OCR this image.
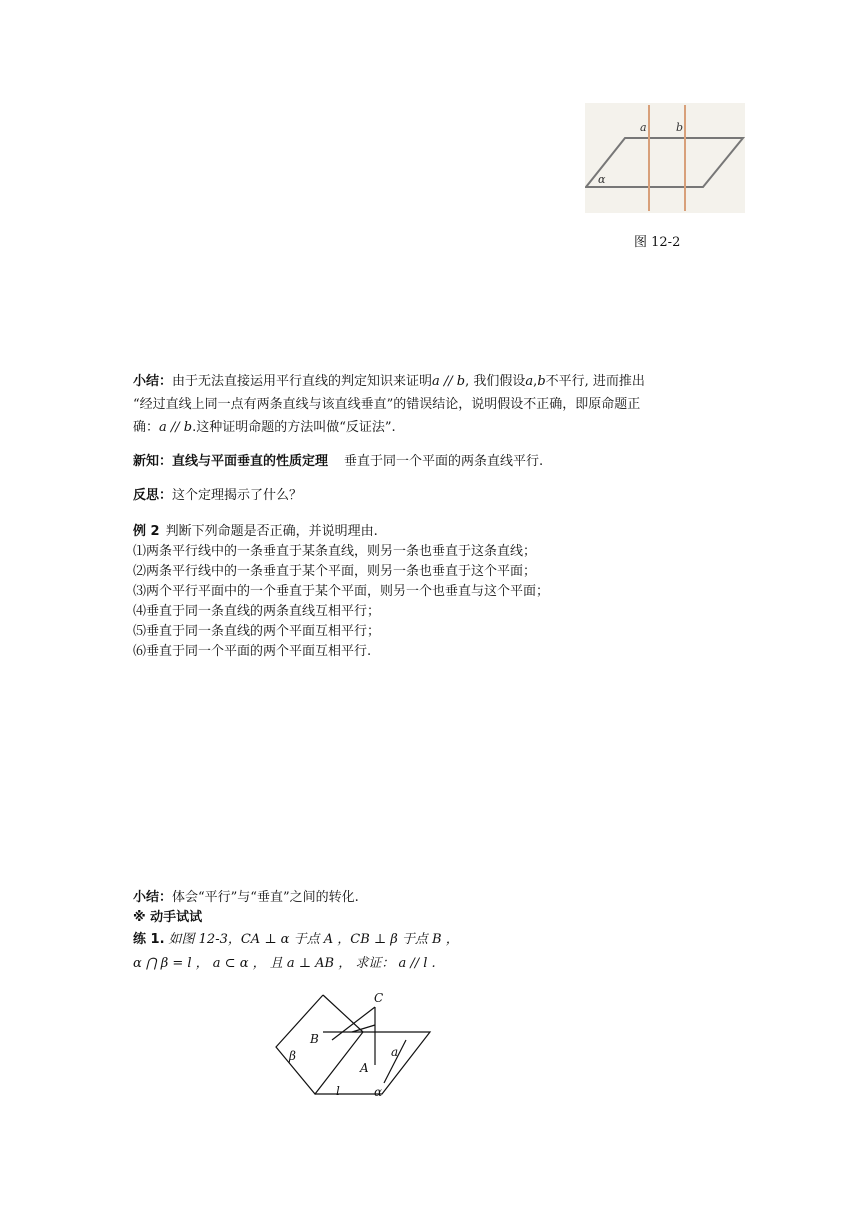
a	b
α
图 12-2
小结：由于无法直接运用平行直线的判定知识来证明a // b, 我们假设a,b不平行, 进而推出
“经过直线上同一点有两条直线与该直线垂直”的错误结论，说明假设不正确，即原命题正
确：a // b.这种证明命题的方法叫做“反证法”.
新知：直线与平面垂直的性质定理 垂直于同一个平面的两条直线平行.
反思：这个定理揭示了什么？
例 2 判断下列命题是否正确，并说明理由.
⑴两条平行线中的一条垂直于某条直线，则另一条也垂直于这条直线；
⑵两条平行线中的一条垂直于某个平面，则另一条也垂直于这个平面；
⑶两个平行平面中的一个垂直于某个平面，则另一个也垂直与这个平面；
⑷垂直于同一条直线的两条直线互相平行；
⑸垂直于同一条直线的两个平面互相平行；
⑹垂直于同一个平面的两个平面互相平行.
小结：体会“平行”与“垂直”之间的转化.
※ 动手试试
练 1. 如图 12-3，CA ⊥ α 于点 A ，CB ⊥ β 于点 B ，
α ⋂ β = l ， a ⊂ α ， 且 a ⊥ AB ， 求证： a // l .
C
B
β
A
a
l	α
